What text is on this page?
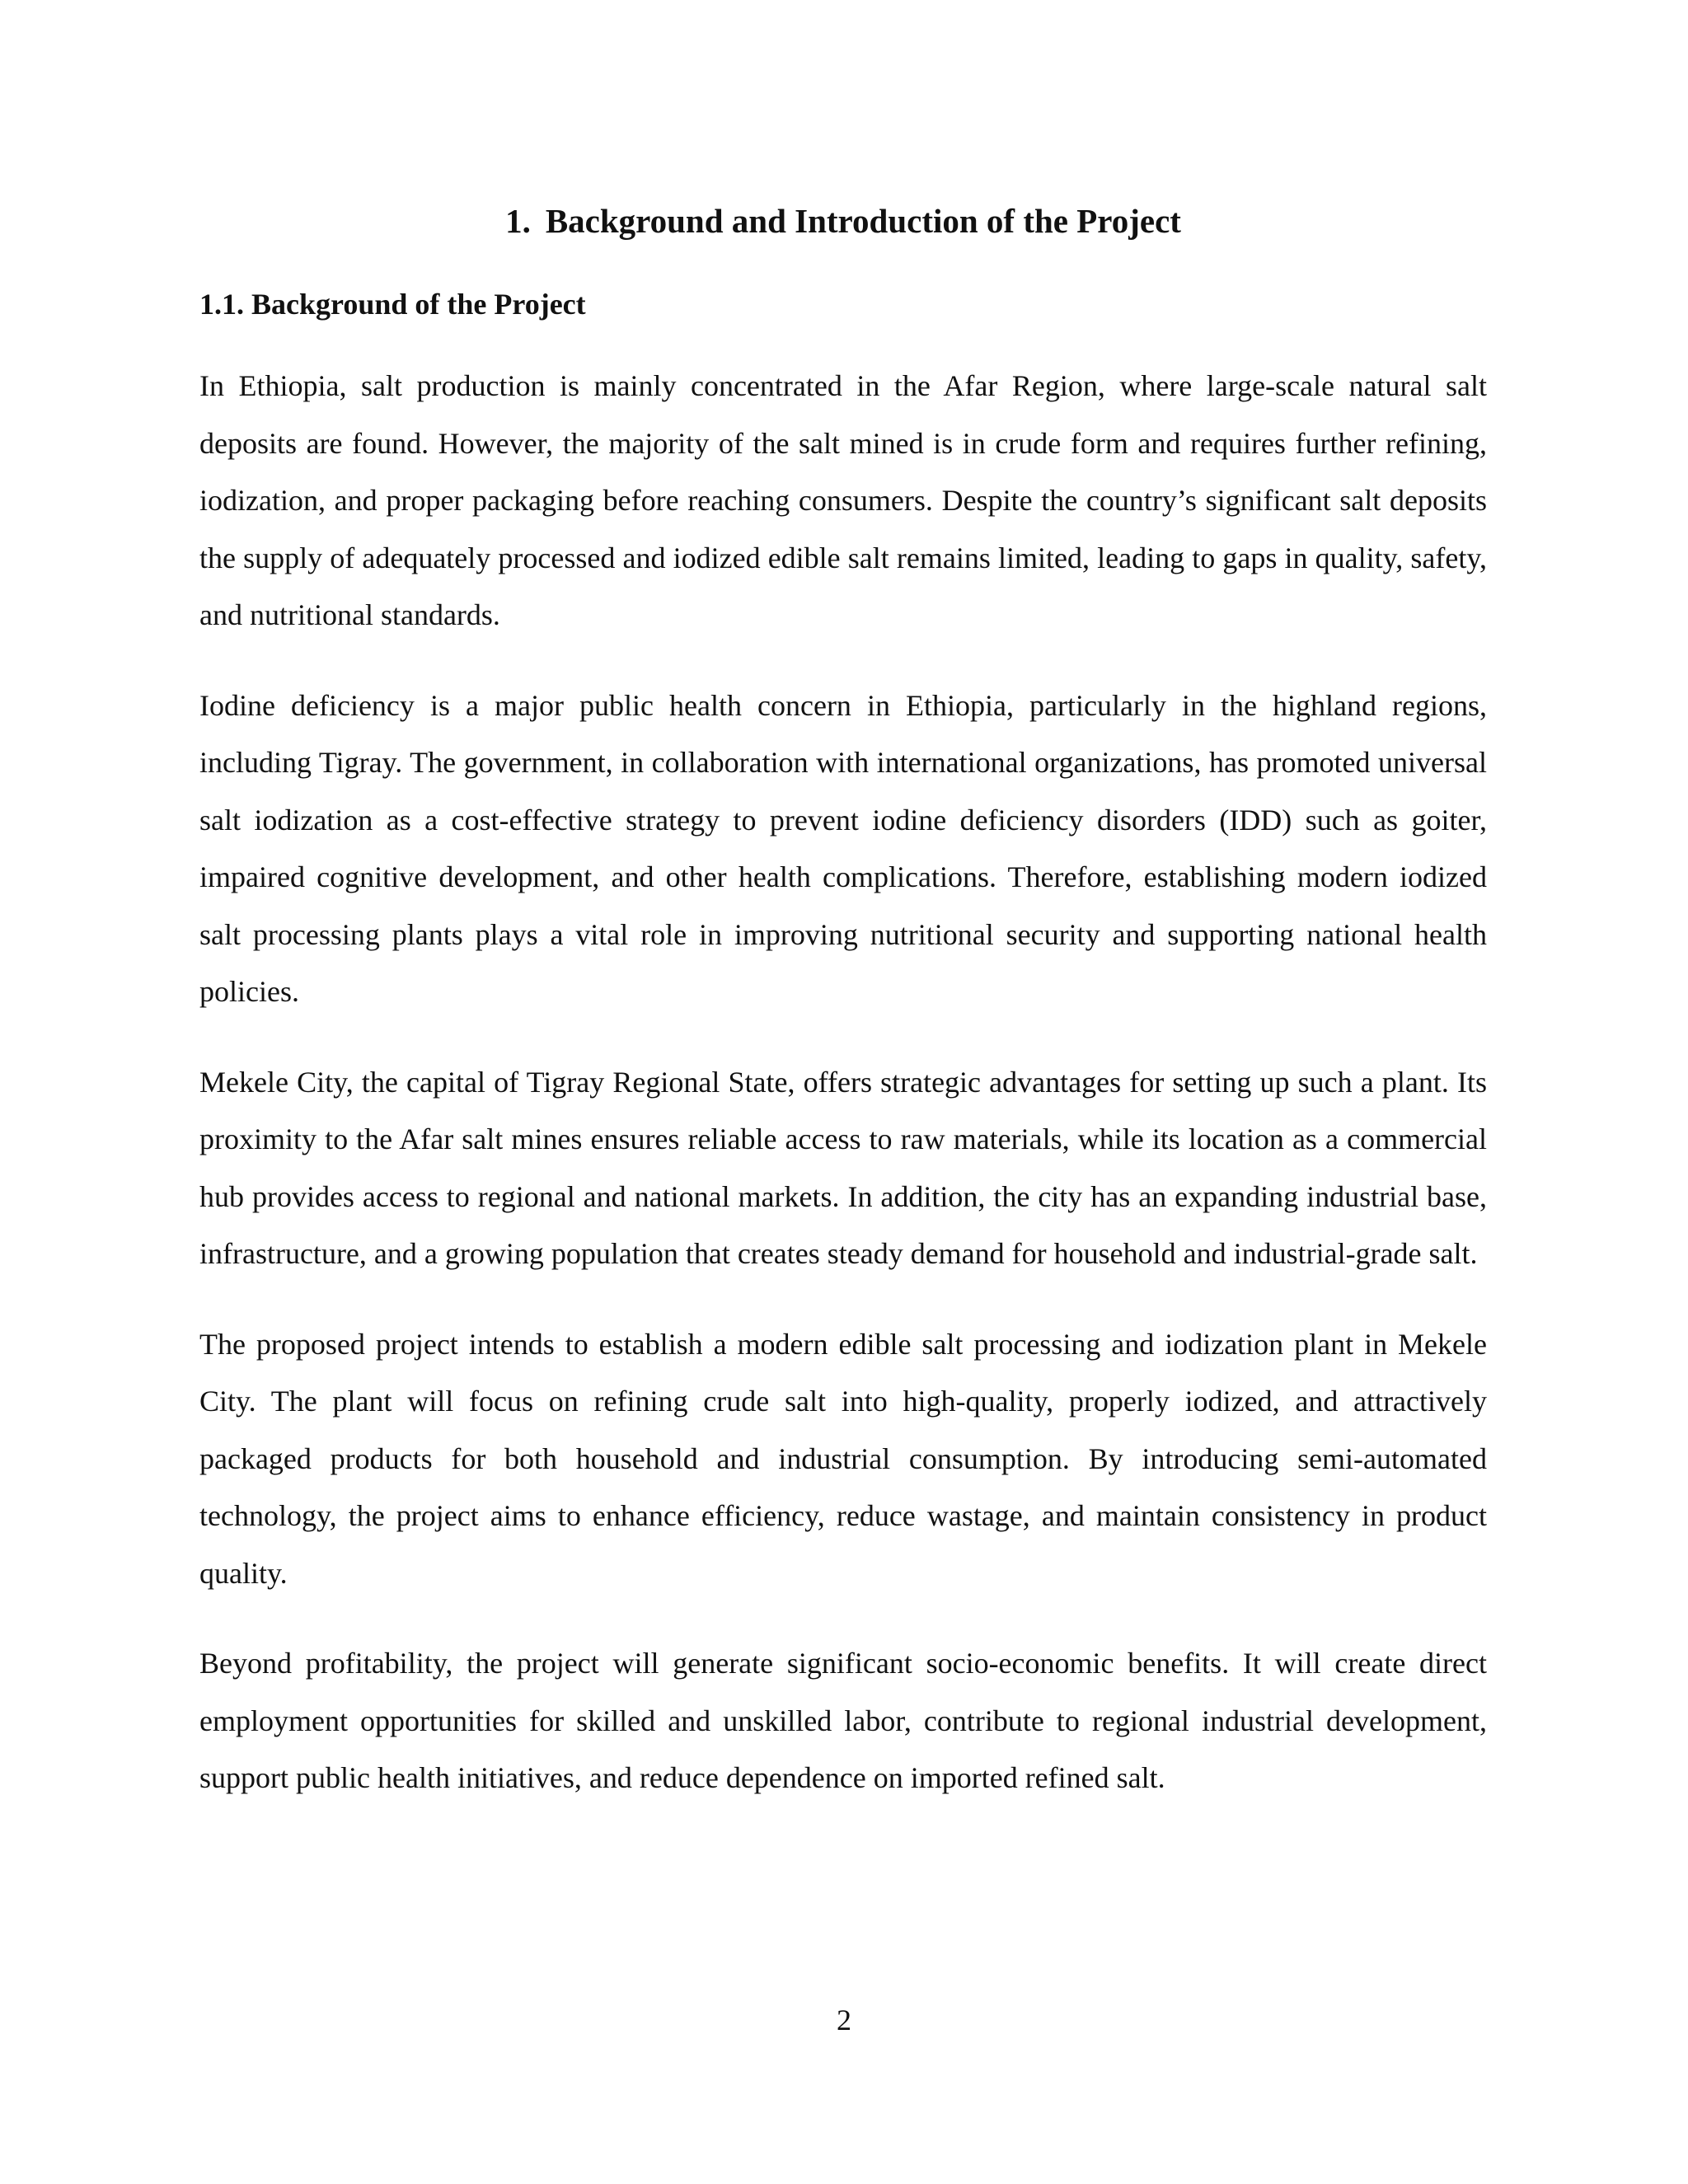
1. Background and Introduction of the Project
1.1. Background of the Project

In Ethiopia, salt production is mainly concentrated in the Afar Region, where large-scale natural salt deposits are found. However, the majority of the salt mined is in crude form and requires further refining, iodization, and proper packaging before reaching consumers. Despite the country’s significant salt deposits the supply of adequately processed and iodized edible salt remains limited, leading to gaps in quality, safety, and nutritional standards.

Iodine deficiency is a major public health concern in Ethiopia, particularly in the highland regions, including Tigray. The government, in collaboration with international organizations, has promoted universal salt iodization as a cost-effective strategy to prevent iodine deficiency disorders (IDD) such as goiter, impaired cognitive development, and other health complications. Therefore, establishing modern iodized salt processing plants plays a vital role in improving nutritional security and supporting national health policies.

Mekele City, the capital of Tigray Regional State, offers strategic advantages for setting up such a plant. Its proximity to the Afar salt mines ensures reliable access to raw materials, while its location as a commercial hub provides access to regional and national markets. In addition, the city has an expanding industrial base, infrastructure, and a growing population that creates steady demand for household and industrial-grade salt.

The proposed project intends to establish a modern edible salt processing and iodization plant in Mekele City. The plant will focus on refining crude salt into high-quality, properly iodized, and attractively packaged products for both household and industrial consumption. By introducing semi-automated technology, the project aims to enhance efficiency, reduce wastage, and maintain consistency in product quality.

Beyond profitability, the project will generate significant socio-economic benefits. It will create direct employment opportunities for skilled and unskilled labor, contribute to regional industrial development, support public health initiatives, and reduce dependence on imported refined salt.

2
